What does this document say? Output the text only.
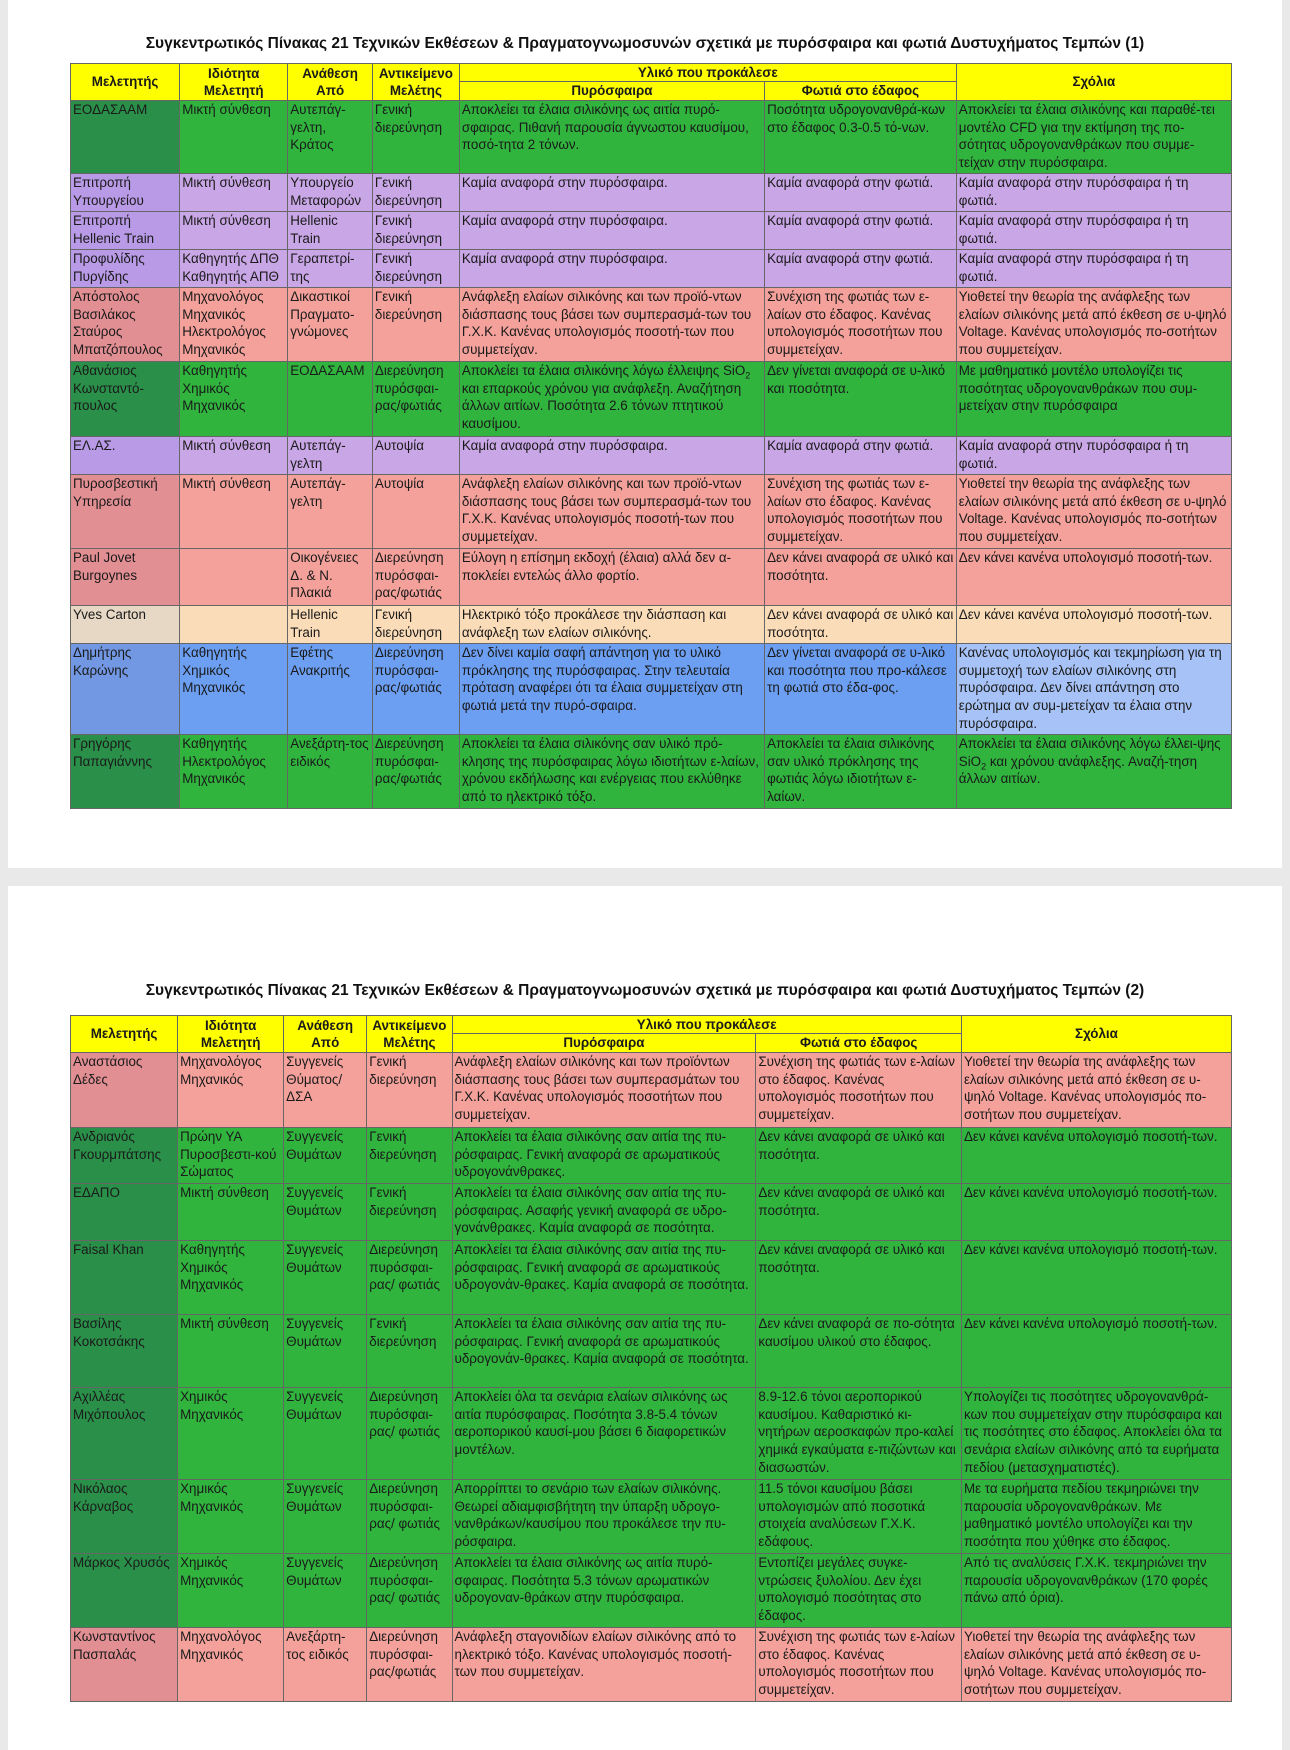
Συγκεντρωτικός Πίνακας 21 Τεχνικών Εκθέσεων & Πραγματογνωμοσυνών σχετικά με πυρόσφαιρα και φωτιά Δυστυχήματος Τεμπών (1)
Μελετητής	Ιδιότητα Μελετητή	Ανάθεση Από	Αντικείμενο Μελέτης	Υλικό που προκάλεσε		Σχόλια
				Πυρόσφαιρα	Φωτιά στο έδαφος	
ΕΟΔΑΣΑΑΜ	Μικτή σύνθεση	Αυτεπάγ-γελτη, Κράτος	Γενική διερεύνηση	Αποκλείει τα έλαια σιλικόνης ως αιτία πυρό-σφαιρας. Πιθανή παρουσία άγνωστου καυσίμου, ποσό-τητα 2 τόνων.	Ποσότητα υδρογονανθρά-κων στο έδαφος 0.3-0.5 τό-νων.	Αποκλείει τα έλαια σιλικόνης και παραθέ-τει μοντέλο CFD για την εκτίμηση της πο-σότητας υδρογονανθράκων που συμμε-τείχαν στην πυρόσφαιρα.
Επιτροπή Υπουργείου	Μικτή σύνθεση	Υπουργείο Μεταφορών	Γενική διερεύνηση	Καμία αναφορά στην πυρόσφαιρα.	Καμία αναφορά στην φωτιά.	Καμία αναφορά στην πυρόσφαιρα ή τη φωτιά.
Επιτροπή Hellenic Train	Μικτή σύνθεση	Hellenic Train	Γενική διερεύνηση	Καμία αναφορά στην πυρόσφαιρα.	Καμία αναφορά στην φωτιά.	Καμία αναφορά στην πυρόσφαιρα ή τη φωτιά.
Προφυλίδης Πυργίδης	Καθηγητής ΔΠΘ Καθηγητής ΑΠΘ	Γεραπετρί-της	Γενική διερεύνηση	Καμία αναφορά στην πυρόσφαιρα.	Καμία αναφορά στην φωτιά.	Καμία αναφορά στην πυρόσφαιρα ή τη φωτιά.
Απόστολος Βασιλάκος Σταύρος Μπατζόπουλος	Μηχανολόγος Μηχανικός Ηλεκτρολόγος Μηχανικός	Δικαστικοί Πραγματο-γνώμονες	Γενική διερεύνηση	Ανάφλεξη ελαίων σιλικόνης και των προϊό-ντων διάσπασης τους βάσει των συμπερασμά-των του Γ.Χ.Κ. Κανένας υπολογισμός ποσοτή-των που συμμετείχαν.	Συνέχιση της φωτιάς των ε-λαίων στο έδαφος. Κανένας υπολογισμός ποσοτήτων που συμμετείχαν.	Υιοθετεί την θεωρία της ανάφλεξης των ελαίων σιλικόνης μετά από έκθεση σε υ-ψηλό Voltage. Κανένας υπολογισμός πο-σοτήτων που συμμετείχαν.
Αθανάσιος Κωνσταντό-πουλος	Καθηγητής Χημικός Μηχανικός	ΕΟΔΑΣΑΑΜ	Διερεύνηση πυρόσφαι-ρας/φωτιάς	Αποκλείει τα έλαια σιλικόνης λόγω έλλειψης SiO$_2$ και επαρκούς χρόνου για ανάφλεξη. Αναζήτηση άλλων αιτίων. Ποσότητα 2.6 τόνων πτητικού καυσίμου.	Δεν γίνεται αναφορά σε υ-λικό και ποσότητα.	Με μαθηματικό μοντέλο υπολογίζει τις ποσότητας υδρογονανθράκων που συμ-μετείχαν στην πυρόσφαιρα
ΕΛ.ΑΣ.	Μικτή σύνθεση	Αυτεπάγ-γελτη	Αυτοψία	Καμία αναφορά στην πυρόσφαιρα.	Καμία αναφορά στην φωτιά.	Καμία αναφορά στην πυρόσφαιρα ή τη φωτιά.
Πυροσβεστική Υπηρεσία	Μικτή σύνθεση	Αυτεπάγ-γελτη	Αυτοψία	Ανάφλεξη ελαίων σιλικόνης και των προϊό-ντων διάσπασης τους βάσει των συμπερασμά-των του Γ.Χ.Κ. Κανένας υπολογισμός ποσοτή-των που συμμετείχαν.	Συνέχιση της φωτιάς των ε-λαίων στο έδαφος. Κανένας υπολογισμός ποσοτήτων που συμμετείχαν.	Υιοθετεί την θεωρία της ανάφλεξης των ελαίων σιλικόνης μετά από έκθεση σε υ-ψηλό Voltage. Κανένας υπολογισμός πο-σοτήτων που συμμετείχαν.
Paul Jovet Burgoynes		Οικογένειες Δ. & Ν. Πλακιά	Διερεύνηση πυρόσφαι-ρας/φωτιάς	Εύλογη η επίσημη εκδοχή (έλαια) αλλά δεν α-ποκλείει εντελώς άλλο φορτίο.	Δεν κάνει αναφορά σε υλικό και ποσότητα.	Δεν κάνει κανένα υπολογισμό ποσοτή-των.
Yves Carton		Hellenic Train	Γενική διερεύνηση	Ηλεκτρικό τόξο προκάλεσε την διάσπαση και ανάφλεξη των ελαίων σιλικόνης.	Δεν κάνει αναφορά σε υλικό και ποσότητα.	Δεν κάνει κανένα υπολογισμό ποσοτή-των.
Δημήτρης Καρώνης	Καθηγητής Χημικός Μηχανικός	Εφέτης Ανακριτής	Διερεύνηση πυρόσφαι-ρας/φωτιάς	Δεν δίνει καμία σαφή απάντηση για το υλικό πρόκλησης της πυρόσφαιρας. Στην τελευταία πρόταση αναφέρει ότι τα έλαια συμμετείχαν στη φωτιά μετά την πυρό-σφαιρα.	Δεν γίνεται αναφορά σε υ-λικό και ποσότητα που προ-κάλεσε τη φωτιά στο έδα-φος.	Κανένας υπολογισμός και τεκμηρίωση για τη συμμετοχή των ελαίων σιλικόνης στη πυρόσφαιρα. Δεν δίνει απάντηση στο ερώτημα αν συμ-μετείχαν τα έλαια στην πυρόσφαιρα.
Γρηγόρης Παπαγιάννης	Καθηγητής Ηλεκτρολόγος Μηχανικός	Ανεξάρτη-τος ειδικός	Διερεύνηση πυρόσφαι-ρας/φωτιάς	Αποκλείει τα έλαια σιλικόνης σαν υλικό πρό-κλησης της πυρόσφαιρας λόγω ιδιοτήτων ε-λαίων, χρόνου εκδήλωσης και ενέργειας που εκλύθηκε από το ηλεκτρικό τόξο.	Αποκλείει τα έλαια σιλικόνης σαν υλικό πρόκλησης της φωτιάς λόγω ιδιοτήτων ε-λαίων.	Αποκλείει τα έλαια σιλικόνης λόγω έλλει-ψης SiO$_2$ και χρόνου ανάφλεξης. Αναζή-τηση άλλων αιτίων.
Συγκεντρωτικός Πίνακας 21 Τεχνικών Εκθέσεων & Πραγματογνωμοσυνών σχετικά με πυρόσφαιρα και φωτιά Δυστυχήματος Τεμπών (2)
Μελετητής	Ιδιότητα Μελετητή	Ανάθεση Από	Αντικείμενο Μελέτης	Υλικό που προκάλεσε		Σχόλια
				Πυρόσφαιρα	Φωτιά στο έδαφος	
Αναστάσιος Δέδες	Μηχανολόγος Μηχανικός	Συγγενείς Θύματος/ ΔΣΑ	Γενική διερεύνηση	Ανάφλεξη ελαίων σιλικόνης και των προϊόντων διάσπασης τους βάσει των συμπερασμάτων του Γ.Χ.Κ. Κανένας υπολογισμός ποσοτήτων που συμμετείχαν.	Συνέχιση της φωτιάς των ε-λαίων στο έδαφος. Κανένας υπολογισμός ποσοτήτων που συμμετείχαν.	Υιοθετεί την θεωρία της ανάφλεξης των ελαίων σιλικόνης μετά από έκθεση σε υ-ψηλό Voltage. Κανένας υπολογισμός πο-σοτήτων που συμμετείχαν.
Ανδριανός Γκουρμπάτσης	Πρώην ΥΑ Πυροσβεστι-κού Σώματος	Συγγενείς Θυμάτων	Γενική διερεύνηση	Αποκλείει τα έλαια σιλικόνης σαν αιτία της πυ-ρόσφαιρας. Γενική αναφορά σε αρωματικούς υδρογονάνθρακες.	Δεν κάνει αναφορά σε υλικό και ποσότητα.	Δεν κάνει κανένα υπολογισμό ποσοτή-των.
ΕΔΑΠΟ	Μικτή σύνθεση	Συγγενείς Θυμάτων	Γενική διερεύνηση	Αποκλείει τα έλαια σιλικόνης σαν αιτία της πυ-ρόσφαιρας. Ασαφής γενική αναφορά σε υδρο-γονάνθρακες. Καμία αναφορά σε ποσότητα.	Δεν κάνει αναφορά σε υλικό και ποσότητα.	Δεν κάνει κανένα υπολογισμό ποσοτή-των.
Faisal Khan	Καθηγητής Χημικός Μηχανικός	Συγγενείς Θυμάτων	Διερεύνηση πυρόσφαι-ρας/ φωτιάς	Αποκλείει τα έλαια σιλικόνης σαν αιτία της πυ-ρόσφαιρας. Γενική αναφορά σε αρωματικούς υδρογονάν-θρακες. Καμία αναφορά σε ποσότητα.	Δεν κάνει αναφορά σε υλικό και ποσότητα.	Δεν κάνει κανένα υπολογισμό ποσοτή-των.
Βασίλης Κοκοτσάκης	Μικτή σύνθεση	Συγγενείς Θυμάτων	Γενική διερεύνηση	Αποκλείει τα έλαια σιλικόνης σαν αιτία της πυ-ρόσφαιρας. Γενική αναφορά σε αρωματικούς υδρογονάν-θρακες. Καμία αναφορά σε ποσότητα.	Δεν κάνει αναφορά σε πο-σότητα καυσίμου υλικού στο έδαφος.	Δεν κάνει κανένα υπολογισμό ποσοτή-των.
Αχιλλέας Μιχόπουλος	Χημικός Μηχανικός	Συγγενείς Θυμάτων	Διερεύνηση πυρόσφαι-ρας/ φωτιάς	Αποκλείει όλα τα σενάρια ελαίων σιλικόνης ως αιτία πυρόσφαιρας. Ποσότητα 3.8-5.4 τόνων αεροπορικού καυσί-μου βάσει 6 διαφορετικών μοντέλων.	8.9-12.6 τόνοι αεροπορικού καυσίμου. Καθαριστικό κι-νητήρων αεροσκαφών προ-καλεί χημικά εγκαύματα ε-πιζώντων και διασωστών.	Υπολογίζει τις ποσότητες υδρογονανθρά-κων που συμμετείχαν στην πυρόσφαιρα και τις ποσότητες στο έδαφος. Αποκλείει όλα τα σενάρια ελαίων σιλικόνης από τα ευρήματα πεδίου (μετασχηματιστές).
Νικόλαος Κάρναβος	Χημικός Μηχανικός	Συγγενείς Θυμάτων	Διερεύνηση πυρόσφαι-ρας/ φωτιάς	Απορρίπτει το σενάριο των ελαίων σιλικόνης. Θεωρεί αδιαμφισβήτητη την ύπαρξη υδρογο-νανθράκων/καυσίμου που προκάλεσε την πυ-ρόσφαιρα.	11.5 τόνοι καυσίμου βάσει υπολογισμών από ποσοτικά στοιχεία αναλύσεων Γ.Χ.Κ. εδάφους.	Με τα ευρήματα πεδίου τεκμηριώνει την παρουσία υδρογονανθράκων. Με μαθηματικό μοντέλο υπολογίζει και την ποσότητα που χύθηκε στο έδαφος.
Μάρκος Χρυσός	Χημικός Μηχανικός	Συγγενείς Θυμάτων	Διερεύνηση πυρόσφαι-ρας/ φωτιάς	Αποκλείει τα έλαια σιλικόνης ως αιτία πυρό-σφαιρας. Ποσότητα 5.3 τόνων αρωματικών υδρογοναν-θράκων στην πυρόσφαιρα.	Εντοπίζει μεγάλες συγκε-ντρώσεις ξυλολίου. Δεν έχει υπολογισμό ποσότητας στο έδαφος.	Από τις αναλύσεις Γ.Χ.Κ. τεκμηριώνει την παρουσία υδρογονανθράκων (170 φορές πάνω από όρια).
Κωνσταντίνος Πασπαλάς	Μηχανολόγος Μηχανικός	Ανεξάρτη-τος ειδικός	Διερεύνηση πυρόσφαι-ρας/φωτιάς	Ανάφλεξη σταγονιδίων ελαίων σιλικόνης από το ηλεκτρικό τόξο. Κανένας υπολογισμός ποσοτή-των που συμμετείχαν.	Συνέχιση της φωτιάς των ε-λαίων στο έδαφος. Κανένας υπολογισμός ποσοτήτων που συμμετείχαν.	Υιοθετεί την θεωρία της ανάφλεξης των ελαίων σιλικόνης μετά από έκθεση σε υ-ψηλό Voltage. Κανένας υπολογισμός πο-σοτήτων που συμμετείχαν.
